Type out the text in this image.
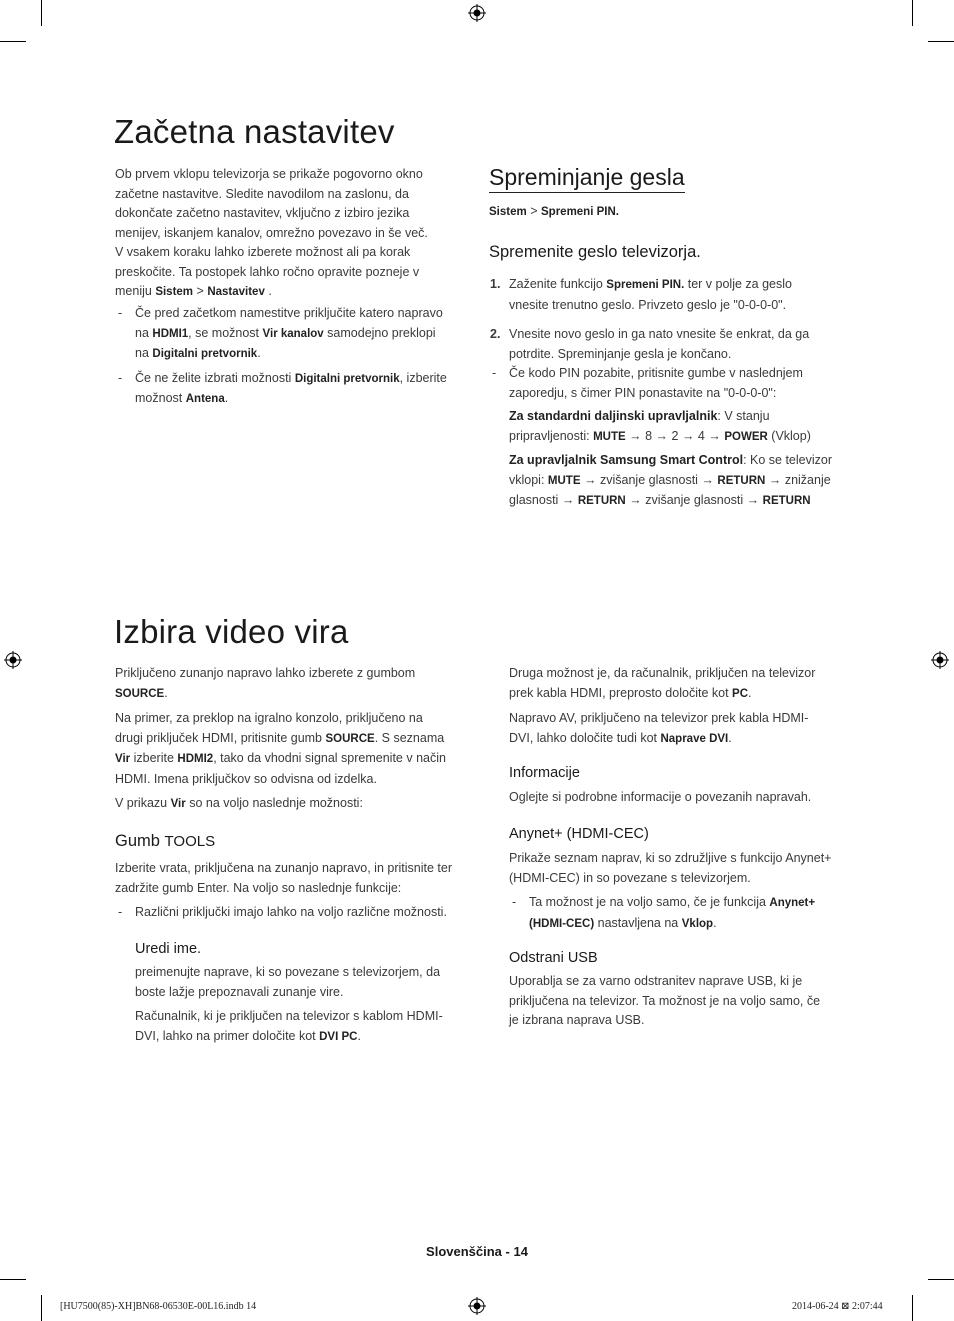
Začetna nastavitev

Ob prvem vklopu televizorja se prikaže pogovorno okno

začetne nastavitve. Sledite navodilom na zaslonu, da

dokončate začetno nastavitev, vključno z izbiro jezika

menijev, iskanjem kanalov, omrežno povezavo in še več.

V vsakem koraku lahko izberete možnost ali pa korak

preskočite. Ta postopek lahko ročno opravite pozneje v

meniju Sistem > Nastavitev .

- Če pred začetkom namestitve priključite katero napravo

na HDMI1, se možnost Vir kanalov samodejno preklopi

na Digitalni pretvornik.

- Če ne želite izbrati možnosti Digitalni pretvornik, izberite

možnost Antena.

Spreminjanje gesla
Sistem > Spremeni PIN.
Spremenite geslo televizorja.
1. Zaženite funkcijo Spremeni PIN. ter v polje za geslo

vnesite trenutno geslo. Privzeto geslo je "0-0-0-0".

2. Vnesite novo geslo in ga nato vnesite še enkrat, da ga

potrdite. Spreminjanje gesla je končano.

- Če kodo PIN pozabite, pritisnite gumbe v naslednjem

zaporedju, s čimer PIN ponastavite na "0-0-0-0":

Za standardni daljinski upravljalnik: V stanju

pripravljenosti: MUTE → 8 → 2 → 4 → POWER (Vklop)

Za upravljalnik Samsung Smart Control: Ko se televizor

vklopi: MUTE → zvišanje glasnosti → RETURN → znižanje

glasnosti → RETURN → zvišanje glasnosti → RETURN

Izbira video vira

Priključeno zunanjo napravo lahko izberete z gumbom

SOURCE.

Na primer, za preklop na igralno konzolo, priključeno na

drugi priključek HDMI, pritisnite gumb SOURCE. S seznama

Vir izberite HDMI2, tako da vhodni signal spremenite v način

HDMI. Imena priključkov so odvisna od izdelka.

V prikazu Vir so na voljo naslednje možnosti:

Gumb TOOLS

Izberite vrata, priključena na zunanjo napravo, in pritisnite ter

zadržite gumb Enter. Na voljo so naslednje funkcije:

- Različni priključki imajo lahko na voljo različne možnosti.

Uredi ime.

preimenujte naprave, ki so povezane s televizorjem, da

boste lažje prepoznavali zunanje vire.

Računalnik, ki je priključen na televizor s kablom HDMI-

DVI, lahko na primer določite kot DVI PC.

Druga možnost je, da računalnik, priključen na televizor

prek kabla HDMI, preprosto določite kot PC.

Napravo AV, priključeno na televizor prek kabla HDMI-

DVI, lahko določite tudi kot Naprave DVI.

Informacije
Oglejte si podrobne informacije o povezanih napravah.
Anynet+ (HDMI-CEC)

Prikaže seznam naprav, ki so združljive s funkcijo Anynet+

(HDMI-CEC) in so povezane s televizorjem.

- Ta možnost je na voljo samo, če je funkcija Anynet+

(HDMI-CEC) nastavljena na Vklop.

Odstrani USB

Uporablja se za varno odstranitev naprave USB, ki je

priključena na televizor. Ta možnost je na voljo samo, če

je izbrana naprava USB.

Slovenščina - 14
[HU7500(85)-XH]BN68-06530E-00L16.indb 14	2014-06-24 ⊠ 2:07:44
